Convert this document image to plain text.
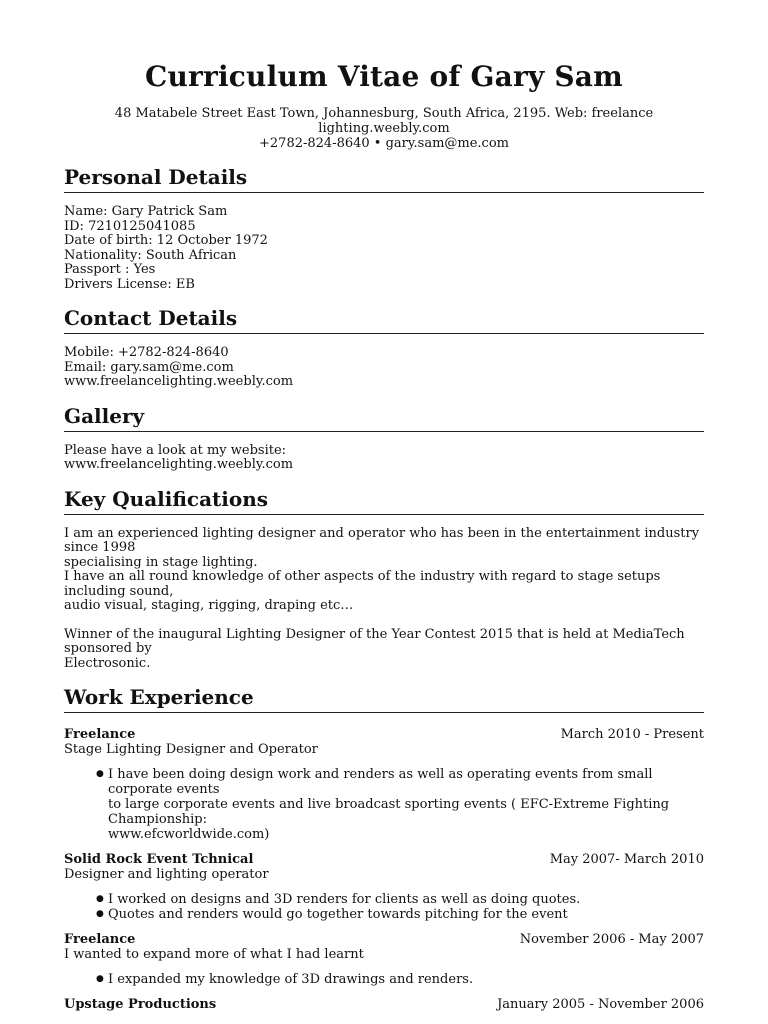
Curriculum Vitae of Gary Sam
48 Matabele Street East Town, Johannesburg, South Africa, 2195. Web: freelance lighting.weebly.com
+2782-824-8640 • gary.sam@me.com
Personal Details
Name: Gary Patrick Sam
ID: 7210125041085
Date of birth: 12 October 1972
Nationality: South African
Passport : Yes
Drivers License: EB
Contact Details
Mobile: +2782-824-8640
Email: gary.sam@me.com
www.freelancelighting.weebly.com
Gallery
Please have a look at my website:
www.freelancelighting.weebly.com
Key Qualifications
I am an experienced lighting designer and operator who has been in the entertainment industry since 1998
specialising in stage lighting.
I have an all round knowledge of other aspects of the industry with regard to stage setups including sound,
audio visual, staging, rigging, draping etc…
Winner of the inaugural Lighting Designer of the Year Contest 2015 that is held at MediaTech sponsored by
Electrosonic.
Work Experience
Freelance	March 2010 - Present
Stage Lighting Designer and Operator
● I have been doing design work and renders as well as operating events from small corporate events
to large corporate events and live broadcast sporting events ( EFC-Extreme Fighting Championship:
www.efcworldwide.com)
Solid Rock Event Tchnical	May 2007- March 2010
Designer and lighting operator
● I worked on designs and 3D renders for clients as well as doing quotes.
● Quotes and renders would go together towards pitching for the event
Freelance	November 2006 - May 2007
I wanted to expand more of what I had learnt
● I expanded my knowledge of 3D drawings and renders.
Upstage Productions	January 2005 - November 2006
